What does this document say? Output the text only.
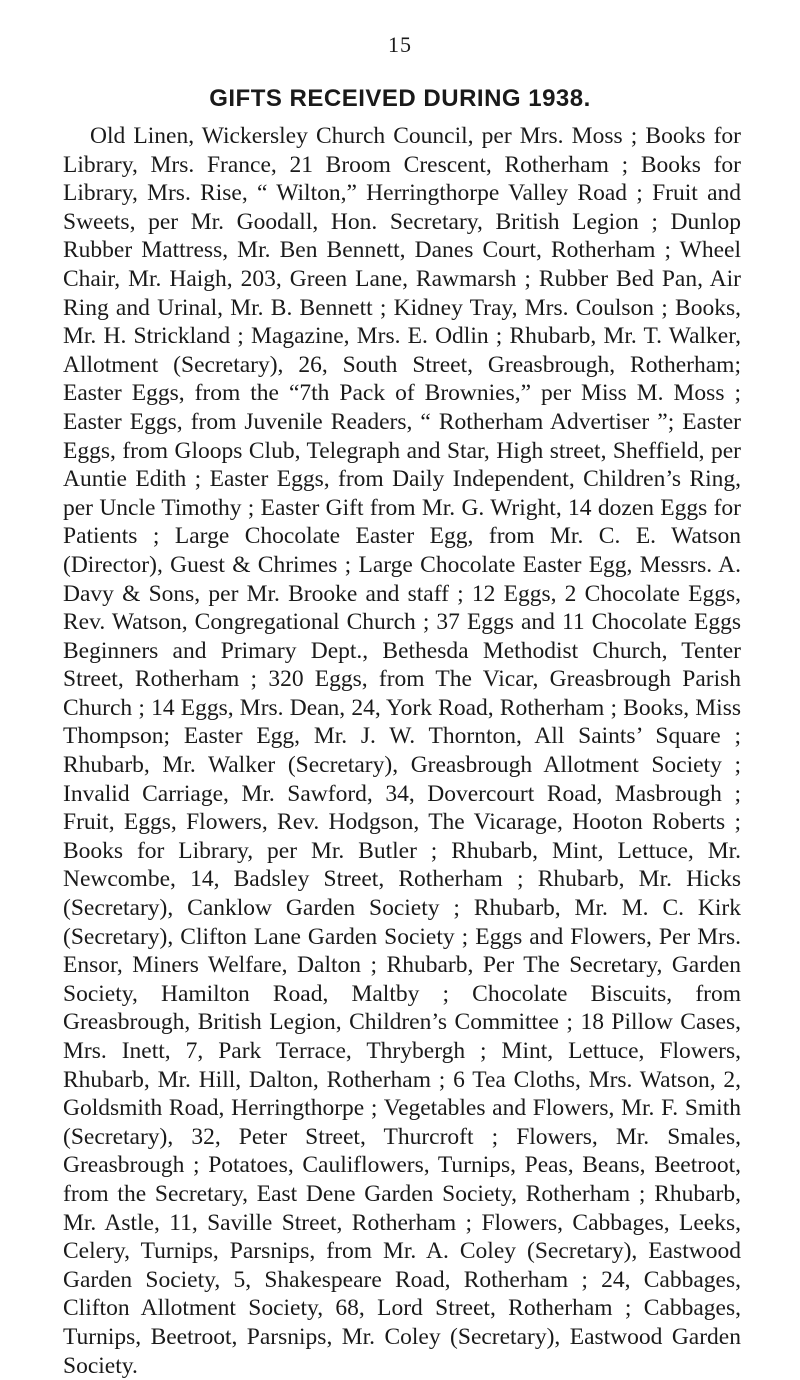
15
GIFTS RECEIVED DURING 1938.

Old Linen, Wickersley Church Council, per Mrs. Moss ; Books for Library, Mrs. France, 21 Broom Crescent, Rotherham ; Books for Library, Mrs. Rise, “ Wilton,” Herringthorpe Valley Road ; Fruit and Sweets, per Mr. Goodall, Hon. Secretary, British Legion ; Dunlop Rubber Mattress, Mr. Ben Bennett, Danes Court, Rotherham ; Wheel Chair, Mr. Haigh, 203, Green Lane, Rawmarsh ; Rubber Bed Pan, Air Ring and Urinal, Mr. B. Bennett ; Kidney Tray, Mrs. Coulson ; Books, Mr. H. Strickland ; Magazine, Mrs. E. Odlin ; Rhubarb, Mr. T. Walker, Allotment (Secretary), 26, South Street, Greasbrough, Rotherham; Easter Eggs, from the “7th Pack of Brownies,” per Miss M. Moss ; Easter Eggs, from Juvenile Readers, “ Rotherham Advertiser ”; Easter Eggs, from Gloops Club, Telegraph and Star, High street, Sheffield, per Auntie Edith ; Easter Eggs, from Daily Independent, Children’s Ring, per Uncle Timothy ; Easter Gift from Mr. G. Wright, 14 dozen Eggs for Patients ; Large Chocolate Easter Egg, from Mr. C. E. Watson (Director), Guest & Chrimes ; Large Chocolate Easter Egg, Messrs. A. Davy & Sons, per Mr. Brooke and staff ; 12 Eggs, 2 Chocolate Eggs, Rev. Watson, Congregational Church ; 37 Eggs and 11 Chocolate Eggs Beginners and Primary Dept., Bethesda Methodist Church, Tenter Street, Rotherham ; 320 Eggs, from The Vicar, Greasbrough Parish Church ; 14 Eggs, Mrs. Dean, 24, York Road, Rotherham ; Books, Miss Thompson; Easter Egg, Mr. J. W. Thornton, All Saints’ Square ; Rhubarb, Mr. Walker (Secretary), Greasbrough Allotment Society ; Invalid Carriage, Mr. Sawford, 34, Dovercourt Road, Masbrough ; Fruit, Eggs, Flowers, Rev. Hodgson, The Vicarage, Hooton Roberts ; Books for Library, per Mr. Butler ; Rhubarb, Mint, Lettuce, Mr. Newcombe, 14, Badsley Street, Rotherham ; Rhubarb, Mr. Hicks (Secretary), Canklow Garden Society ; Rhubarb, Mr. M. C. Kirk (Secretary), Clifton Lane Garden Society ; Eggs and Flowers, Per Mrs. Ensor, Miners Welfare, Dalton ; Rhubarb, Per The Secretary, Garden Society, Hamilton Road, Maltby ; Chocolate Biscuits, from Greasbrough, British Legion, Children’s Committee ; 18 Pillow Cases, Mrs. Inett, 7, Park Terrace, Thrybergh ; Mint, Lettuce, Flowers, Rhubarb, Mr. Hill, Dalton, Rotherham ; 6 Tea Cloths, Mrs. Watson, 2, Goldsmith Road, Herringthorpe ; Vegetables and Flowers, Mr. F. Smith (Secretary), 32, Peter Street, Thurcroft ; Flowers, Mr. Smales, Greasbrough ; Potatoes, Cauliflowers, Turnips, Peas, Beans, Beetroot, from the Secretary, East Dene Garden Society, Rotherham ; Rhubarb, Mr. Astle, 11, Saville Street, Rotherham ; Flowers, Cabbages, Leeks, Celery, Turnips, Parsnips, from Mr. A. Coley (Secretary), Eastwood Garden Society, 5, Shakespeare Road, Rotherham ; 24, Cabbages, Clifton Allotment Society, 68, Lord Street, Rotherham ; Cabbages, Turnips, Beetroot, Parsnips, Mr. Coley (Secretary), Eastwood Garden Society.
